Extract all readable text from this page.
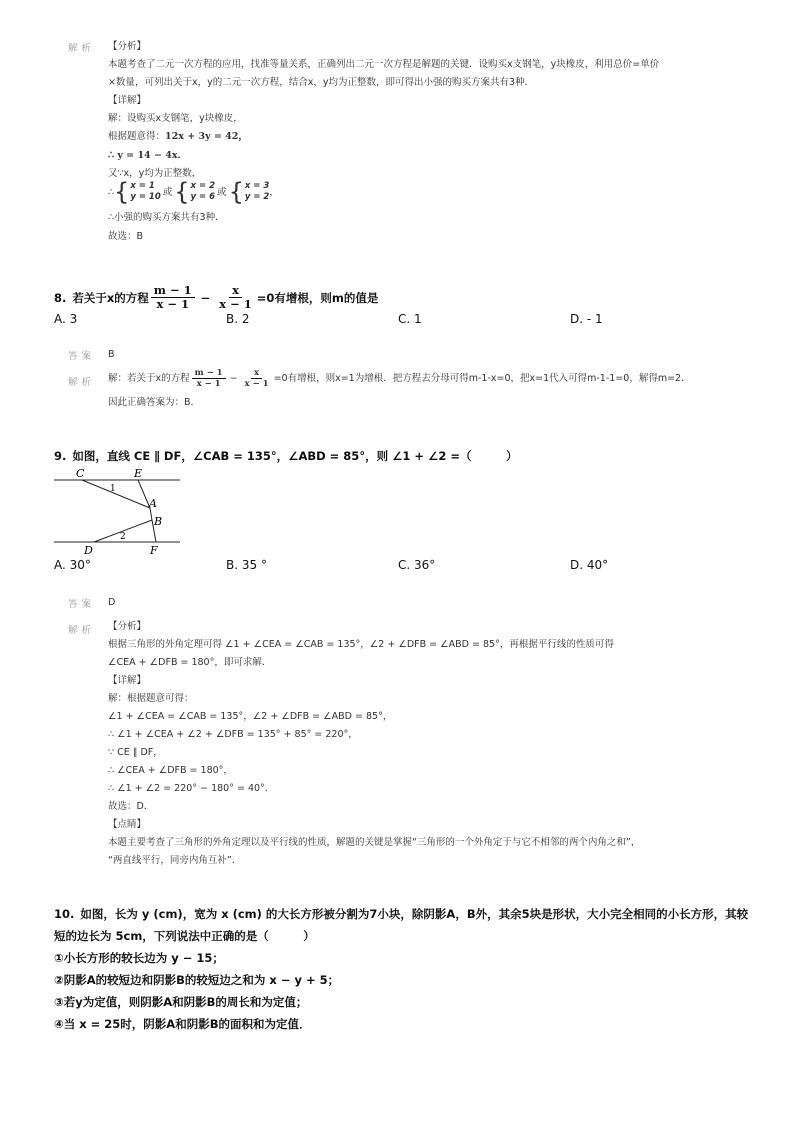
解析 【分析】
本题考查了二元一次方程的应用，找准等量关系，正确列出二元一次方程是解题的关键．设购买x支钢笔，y块橡皮，利用总价=单价
×数量，可列出关于x，y的二元一次方程，结合x，y均为正整数，即可得出小强的购买方案共有3种．
【详解】
解：设购买x支钢笔，y块橡皮，
根据题意得：12x + 3y = 42，
∴ y = 14 − 4x．
又∵x，y均为正整数，
∴ { x = 1
y = 10 或 { x = 2
y = 6 或 { x = 3
y = 2 ，
∴小强的购买方案共有3种．
故选：B
8. 若关于x的方程 $\frac{m - 1}{x - 1} - \frac{x}{x - 1} =0$有增根，则m的值是
A. 3	B. 2	C. 1	D. - 1
答案 B
解析 解：若关于x的方程 $\frac{m - 1}{x - 1} - \frac{x}{x - 1} =0$有增根，则x=1为增根．把方程去分母可得m-1-x=0，把x=1代入可得m-1-1=0，解得m=2．
因此正确答案为：B．
9. 如图，直线 CE ∥ DF，∠CAB = 135°，∠ABD = 85°，则 ∠1 + ∠2 =（　　　）
C	E
A
B
D	F
1
2
A. 30°	B. 35 °	C. 36°	D. 40°
答案 D
解析 【分析】
根据三角形的外角定理可得 ∠1 + ∠CEA = ∠CAB = 135°，∠2 + ∠DFB = ∠ABD = 85°，再根据平行线的性质可得
∠CEA + ∠DFB = 180°，即可求解．
【详解】
解：根据题意可得：
∠1 + ∠CEA = ∠CAB = 135°，∠2 + ∠DFB = ∠ABD = 85°，
∴ ∠1 + ∠CEA + ∠2 + ∠DFB = 135° + 85° = 220°，
∵ CE ∥ DF，
∴ ∠CEA + ∠DFB = 180°，
∴ ∠1 + ∠2 = 220° − 180° = 40°．
故选：D．
【点睛】
本题主要考查了三角形的外角定理以及平行线的性质，解题的关键是掌握“三角形的一个外角定于与它不相邻的两个内角之和”，
“两直线平行，同旁内角互补”．
10. 如图，长为 y (cm)，宽为 x (cm) 的大长方形被分割为7小块，除阴影A，B外，其余5块是形状，大小完全相同的小长方形，其较
短的边长为 5cm，下列说法中正确的是（　　　）
①小长方形的较长边为 y − 15；
②阴影A的较短边和阴影B的较短边之和为 x − y + 5；
③若y为定值，则阴影A和阴影B的周长和为定值；
④当 x = 25时，阴影A和阴影B的面积和为定值．
